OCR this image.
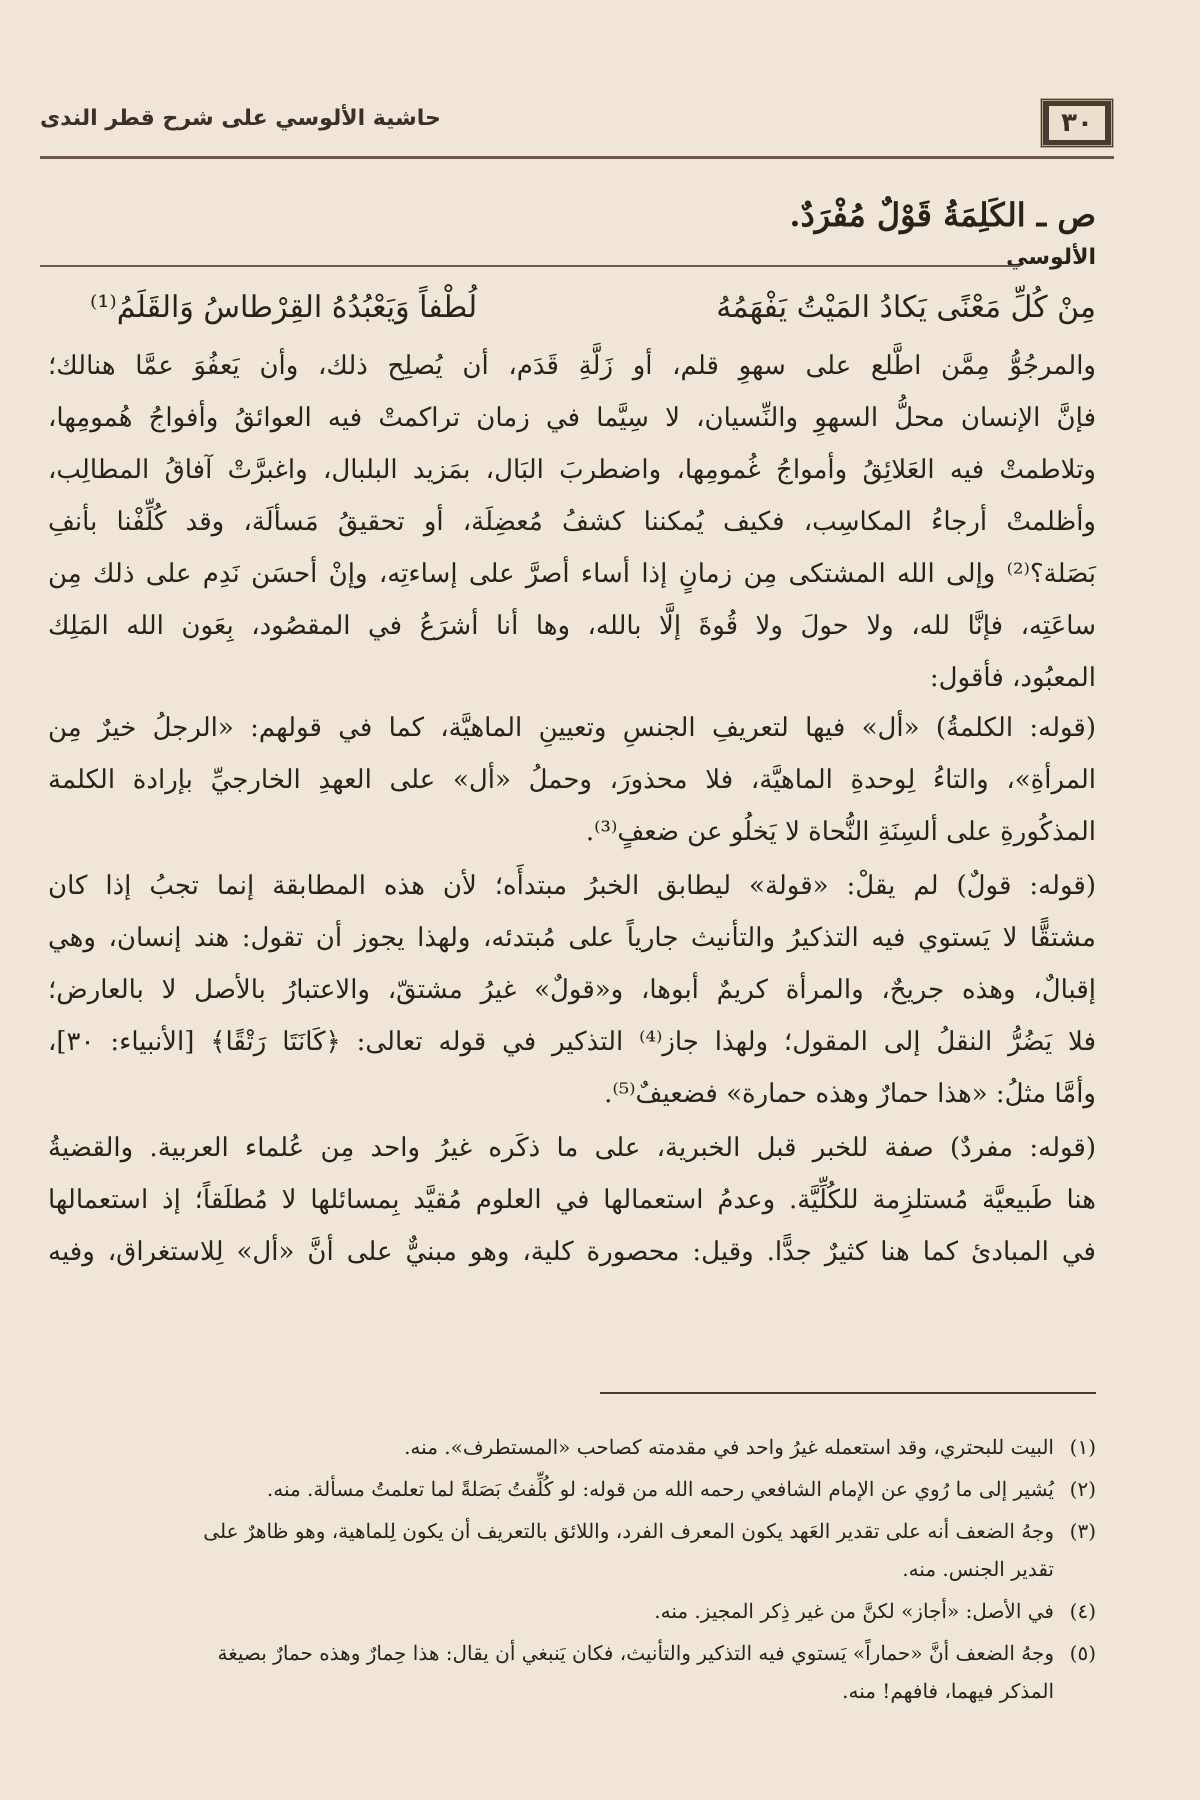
٣٠
حاشية الألوسي على شرح قطر الندى
ص ـ الكَلِمَةُ قَوْلٌ مُفْرَدٌ.
الألوسي
مِنْ كُلِّ مَعْنًى يَكادُ المَيْتُ يَفْهَمُهُ
لُطْفاً وَيَعْبُدُهُ القِرْطاسُ وَالقَلَمُ⁽¹⁾
والمرجُوُّ مِمَّن اطَّلع على سهوِ قلم، أو زَلَّةِ قَدَم، أن يُصلِح ذلك، وأن يَعفُوَ عمَّا هنالك؛
فإنَّ الإنسان محلُّ السهوِ والنِّسيان، لا سِيَّما في زمان تراكمتْ فيه العوائقُ وأفواجُ هُمومِها،
وتلاطمتْ فيه العَلائِقُ وأمواجُ غُمومِها، واضطربَ البَال، بمَزيد البلبال، واغبرَّتْ آفاقُ المطالِب،
وأظلمتْ أرجاءُ المكاسِب، فكيف يُمكننا كشفُ مُعضِلَة، أو تحقيقُ مَسألَة، وقد كُلِّفْنا بأنفِ
بَصَلة؟⁽²⁾ وإلى الله المشتكى مِن زمانٍ إذا أساء أصرَّ على إساءتِه، وإنْ أحسَن نَدِم على ذلك مِن
ساعَتِه، فإنَّا لله، ولا حولَ ولا قُوةَ إلَّا بالله، وها أنا أشرَعُ في المقصُود، بِعَون الله المَلِك
المعبُود، فأقول:
(قوله: الكلمةُ) «أل» فيها لتعريفِ الجنسِ وتعيينِ الماهيَّة، كما في قولهم: «الرجلُ خيرٌ مِن
المرأةِ»، والتاءُ لِوحدةِ الماهيَّة، فلا محذورَ، وحملُ «أل» على العهدِ الخارجيِّ بإرادة الكلمة
المذكُورةِ على ألسِنَةِ النُّحاة لا يَخلُو عن ضعفٍ⁽³⁾.
(قوله: قولٌ) لم يقلْ: «قولة» ليطابق الخبرُ مبتدأَه؛ لأن هذه المطابقة إنما تجبُ إذا كان
مشتقًّا لا يَستوي فيه التذكيرُ والتأنيث جارياً على مُبتدئه، ولهذا يجوز أن تقول: هند إنسان، وهي
إقبالٌ، وهذه جريحٌ، والمرأة كريمٌ أبوها، و«قولٌ» غيرُ مشتقّ، والاعتبارُ بالأصل لا بالعارض؛
فلا يَضُرُّ النقلُ إلى المقول؛ ولهذا جاز⁽⁴⁾ التذكير في قوله تعالى: ﴿كَانَتَا رَتْقًا﴾ [الأنبياء: ٣٠]،
وأمَّا مثلُ: «هذا حمارٌ وهذه حمارة» فضعيفٌ⁽⁵⁾.
(قوله: مفردٌ) صفة للخبر قبل الخبرية، على ما ذكَره غيرُ واحد مِن عُلماء العربية. والقضيةُ
هنا طَبيعيَّة مُستلزِمة للكُلِّيَّة. وعدمُ استعمالها في العلوم مُقيَّد بِمسائلها لا مُطلَقاً؛ إذ استعمالها
في المبادئ كما هنا كثيرٌ جدًّا. وقيل: محصورة كلية، وهو مبنيٌّ على أنَّ «أل» لِلاستغراق، وفيه
(١)البيت للبحتري، وقد استعمله غيرُ واحد في مقدمته كصاحب «المستطرف». منه.
(٢)يُشير إلى ما رُوي عن الإمام الشافعي رحمه الله من قوله: لو كُلِّفتُ بَصَلةً لما تعلمتُ مسألة. منه.
(٣)وجهُ الضعف أنه على تقدير العَهد يكون المعرف الفرد، واللائق بالتعريف أن يكون لِلماهية، وهو ظاهرٌ على
تقدير الجنس. منه.
(٤)في الأصل: «أجاز» لكنَّ من غير ذِكر المجيز. منه.
(٥)وجهُ الضعف أنَّ «حماراً» يَستوي فيه التذكير والتأنيث، فكان يَنبغي أن يقال: هذا حِمارٌ وهذه حمارٌ بصيغة
المذكر فيهما، فافهم! منه.
